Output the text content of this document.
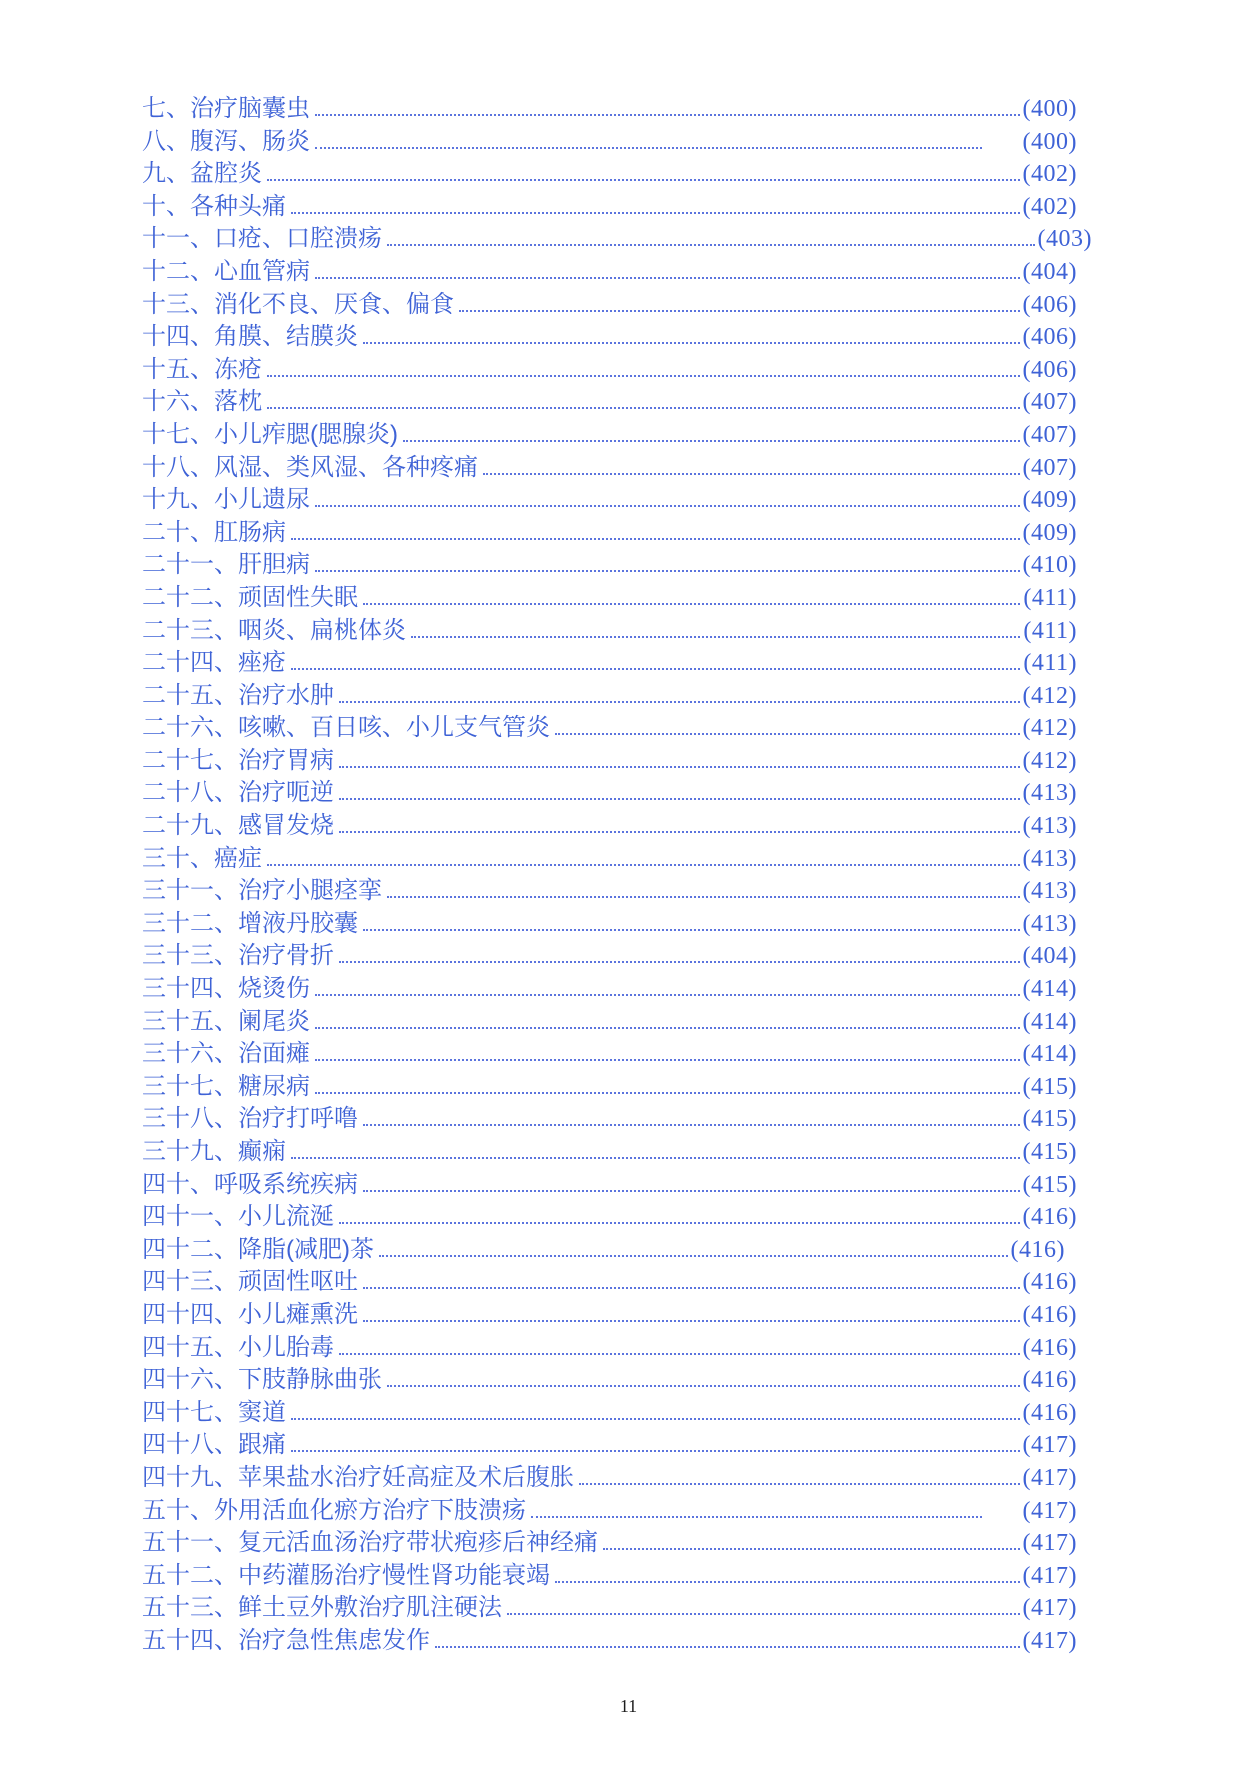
七、治疗脑囊虫	(400)
八、腹泻、肠炎	(400)
九、盆腔炎	(402)
十、各种头痛	(402)
十一、口疮、口腔溃疡	(403)
十二、心血管病	(404)
十三、消化不良、厌食、偏食	(406)
十四、角膜、结膜炎	(406)
十五、冻疮	(406)
十六、落枕	(407)
十七、小儿痄腮(腮腺炎)	(407)
十八、风湿、类风湿、各种疼痛	(407)
十九、小儿遗尿	(409)
二十、肛肠病	(409)
二十一、肝胆病	(410)
二十二、顽固性失眠	(411)
二十三、咽炎、扁桃体炎	(411)
二十四、痤疮	(411)
二十五、治疗水肿	(412)
二十六、咳嗽、百日咳、小儿支气管炎	(412)
二十七、治疗胃病	(412)
二十八、治疗呃逆	(413)
二十九、感冒发烧	(413)
三十、癌症	(413)
三十一、治疗小腿痉挛	(413)
三十二、增液丹胶囊	(413)
三十三、治疗骨折	(404)
三十四、烧烫伤	(414)
三十五、阑尾炎	(414)
三十六、治面瘫	(414)
三十七、糖尿病	(415)
三十八、治疗打呼噜	(415)
三十九、癫痫	(415)
四十、呼吸系统疾病	(415)
四十一、小儿流涎	(416)
四十二、降脂(减肥)茶	(416)
四十三、顽固性呕吐	(416)
四十四、小儿瘫熏洗	(416)
四十五、小儿胎毒	(416)
四十六、下肢静脉曲张	(416)
四十七、窦道	(416)
四十八、跟痛	(417)
四十九、苹果盐水治疗妊高症及术后腹胀	(417)
五十、外用活血化瘀方治疗下肢溃疡	(417)
五十一、复元活血汤治疗带状疱疹后神经痛	(417)
五十二、中药灌肠治疗慢性肾功能衰竭	(417)
五十三、鲜土豆外敷治疗肌注硬法	(417)
五十四、治疗急性焦虑发作	(417)
11
